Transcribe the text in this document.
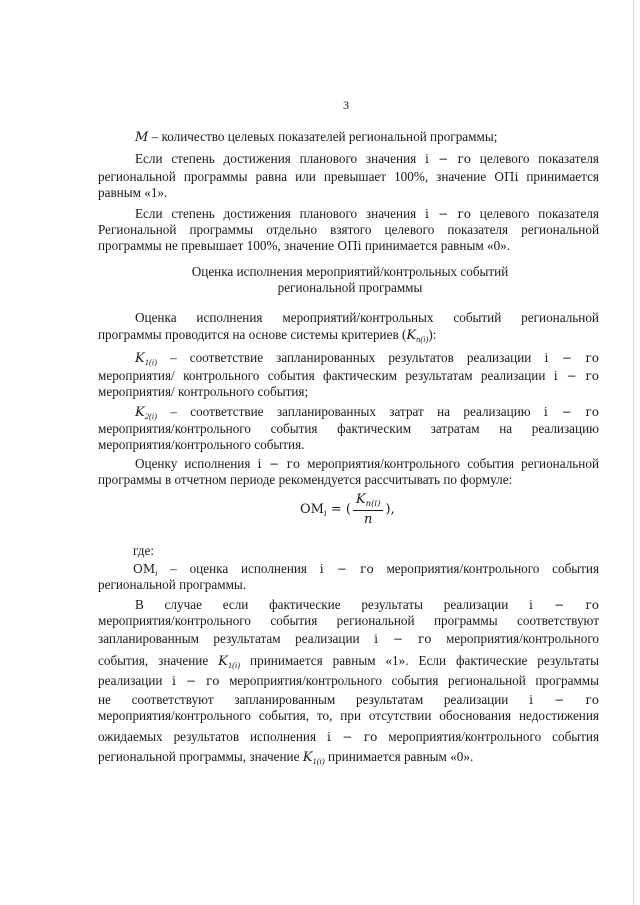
3
M – количество целевых показателей региональной программы;
Если степень достижения планового значения i − го целевого показателя
региональной программы равна или превышает 100%, значение ОПi принимается
равным «1».
Если степень достижения планового значения i − го целевого показателя
Региональной программы отдельно взятого целевого показателя региональной
программы не превышает 100%, значение ОПi принимается равным «0».
Оценка исполнения мероприятий/контрольных событий
региональной программы
Оценка исполнения мероприятий/контрольных событий региональной
программы проводится на основе системы критериев $(K_{n(i)})$:
$K_{1(i)}$ – соответствие запланированных результатов реализации i − го
мероприятия/ контрольного события фактическим результатам реализации i − го
мероприятия/ контрольного события;
$K_{2(i)}$ – соответствие запланированных затрат на реализацию i − го
мероприятия/контрольного события фактическим затратам на реализацию
мероприятия/контрольного события.
Оценку исполнения i − го мероприятия/контрольного события региональной
программы в отчетном периоде рекомендуется рассчитывать по формуле:
$ОМ_i$ = ( $\frac{K_{n(i)}}{n}$ ),
где:
$ОМ_i$ – оценка исполнения i − го мероприятия/контрольного события
региональной программы.
В случае если фактические результаты реализации i − го
мероприятия/контрольного события региональной программы соответствуют
запланированным результатам реализации i − го мероприятия/контрольного
события, значение $K_{1(i)}$ принимается равным «1». Если фактические результаты
реализации i − го мероприятия/контрольного события региональной программы
не соответствуют запланированным результатам реализации i − го
мероприятия/контрольного события, то, при отсутствии обоснования недостижения
ожидаемых результатов исполнения i − го мероприятия/контрольного события
региональной программы, значение $K_{1(i)}$ принимается равным «0».
